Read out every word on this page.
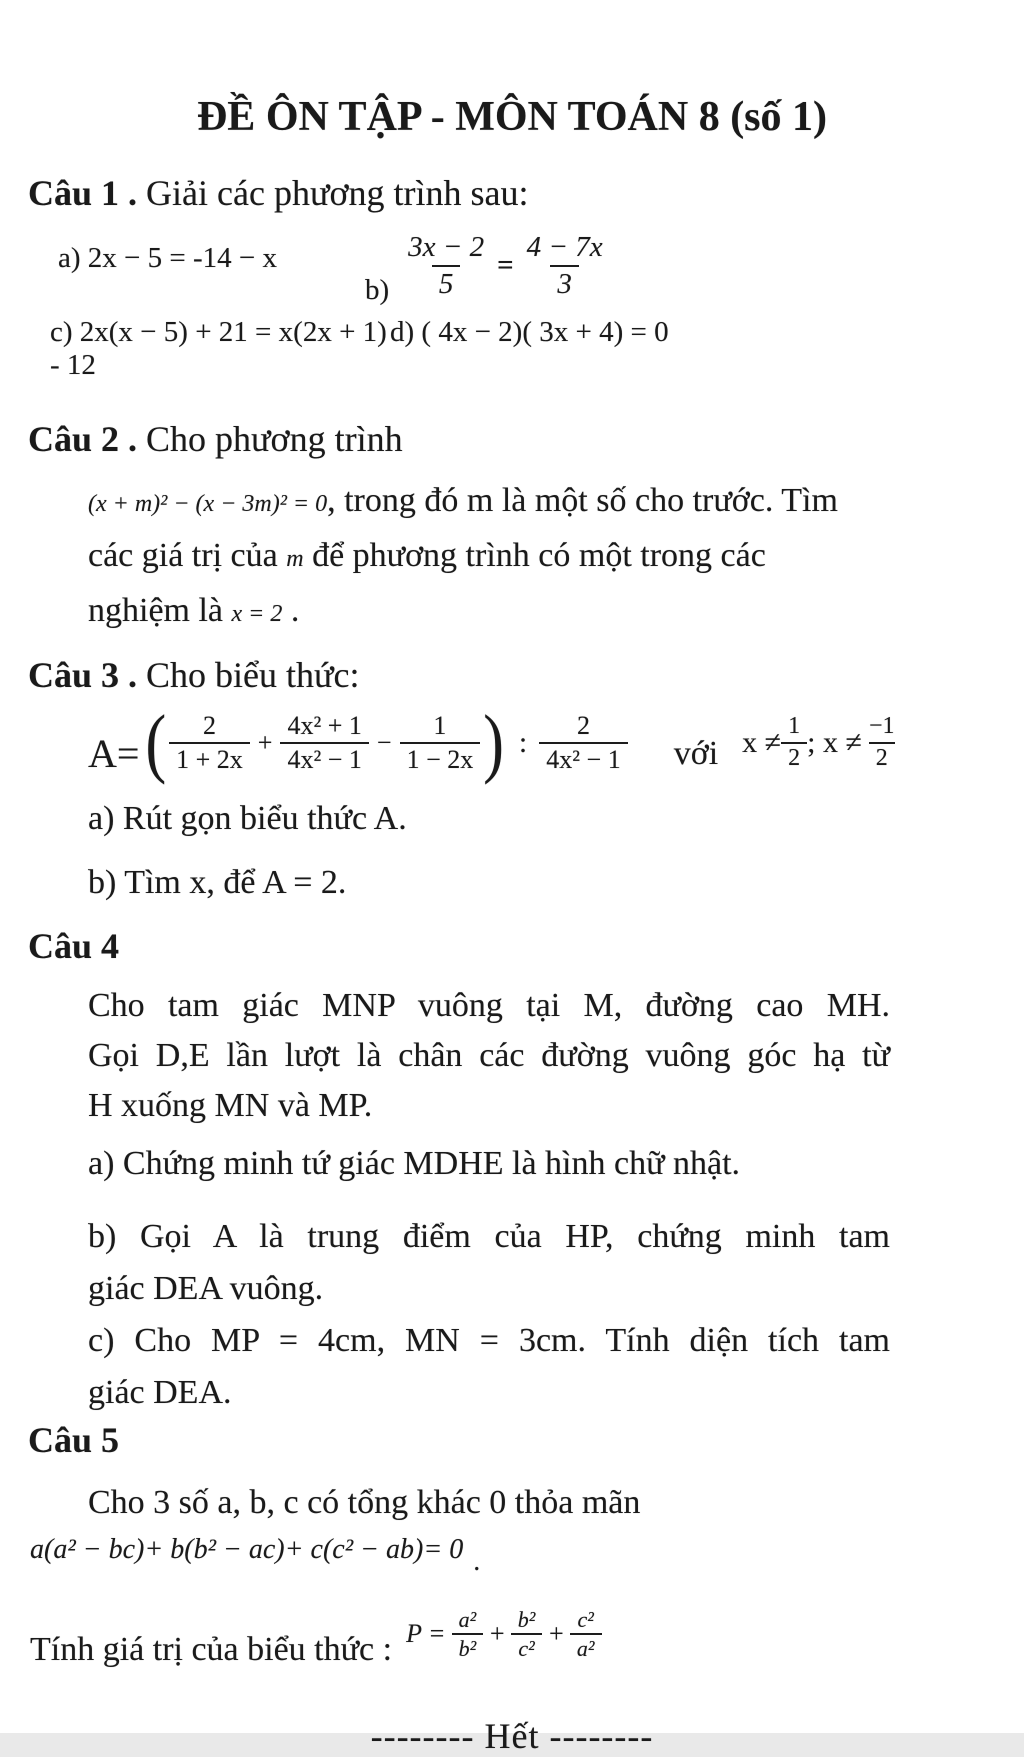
ĐỀ ÔN TẬP - MÔN TOÁN 8 (số 1)
Câu 1 . Giải các phương trình sau:
a) 2x − 5 = -14 − x
$b) \frac{3x - 2}{5} = \frac{4 - 7x}{3}$
c) 2x(x − 5) + 21 = x(2x + 1) - 12
d) ( 4x − 2)( 3x + 4) = 0
Câu 2 . Cho phương trình
(x + m)² − (x − 3m)² = 0, trong đó m là một số cho trước. Tìm
các giá trị của m để phương trình có một trong các
nghiệm là x = 2 .
Câu 3 . Cho biểu thức:
A= ( $\frac{2}{1 + 2x} + \frac{\text{4x² + 1}}{\text{4x² − 1}} - \frac{1}{1 - 2x}$ ) : $\frac{2}{\text{4x² − 1}}$ với $x \ne \frac{1}{2}$ ; $x \ne \frac{-1}{2}$
a) Rút gọn biểu thức A.
b) Tìm x, để A = 2.
Câu 4
Cho tam giác MNP vuông tại M, đường cao MH.
Gọi D,E lần lượt là chân các đường vuông góc hạ từ
H xuống MN và MP.
a) Chứng minh tứ giác MDHE là hình chữ nhật.
b) Gọi A là trung điểm của HP, chứng minh tam
giác DEA vuông.
c) Cho MP = 4cm, MN = 3cm. Tính diện tích tam
giác DEA.
Câu 5
Cho 3 số a, b, c có tổng khác 0 thỏa mãn
a(a² − bc)+ b(b² − ac)+ c(c² − ab)= 0 .
Tính giá trị của biểu thức : $P = \frac{\text{a²}}{\text{b²}} + \frac{\text{b²}}{\text{c²}} + \frac{\text{c²}}{\text{a²}}$
-------- Hết --------
